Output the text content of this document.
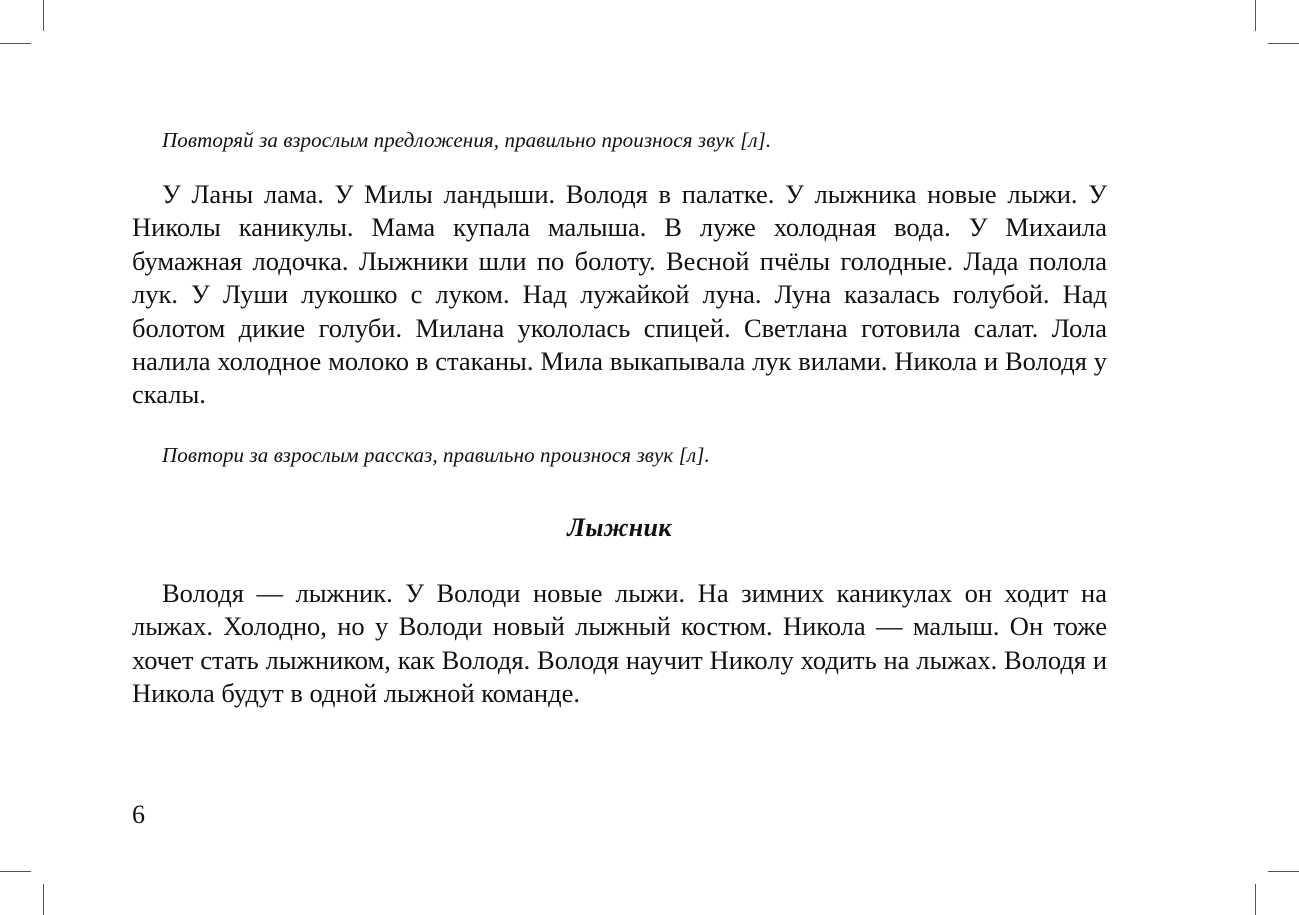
Повторяй за взрослым предложения, правильно произнося звук [л].

У Ланы лама. У Милы ландыши. Володя в палатке. У лыжника новые лыжи. У Николы каникулы. Мама купала малыша. В луже холодная вода. У Михаила бумажная лодочка. Лыжники шли по болоту. Весной пчёлы голодные. Лада полола лук. У Луши лукошко с луком. Над лужайкой луна. Луна казалась голубой. Над болотом дикие голуби. Милана укололась спицей. Светлана готовила салат. Лола налила холодное молоко в стаканы. Мила выкапывала лук вилами. Никола и Володя у скалы.

Повтори за взрослым рассказ, правильно произнося звук [л].
Лыжник

Володя — лыжник. У Володи новые лыжи. На зимних каникулах он ходит на лыжах. Холодно, но у Володи новый лыжный костюм. Никола — малыш. Он тоже хочет стать лыжником, как Володя. Володя научит Николу ходить на лыжах. Володя и Никола будут в одной лыжной команде.

6
